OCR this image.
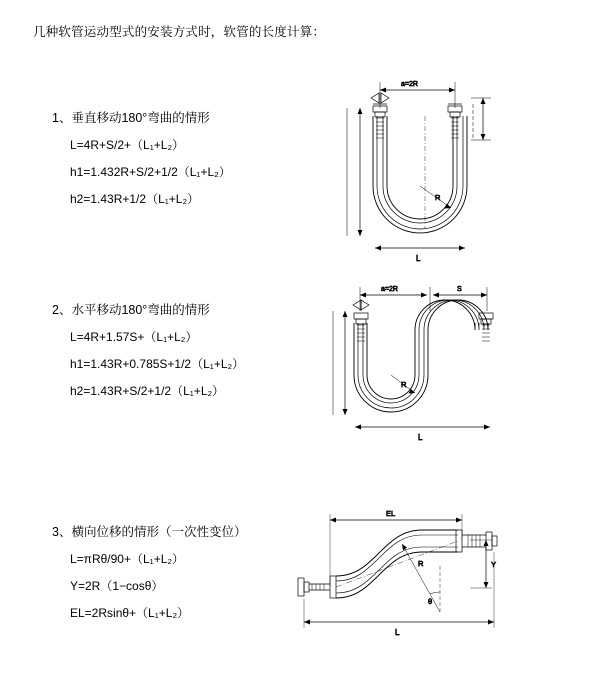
几种软管运动型式的安装方式时，软管的长度计算：
1、垂直移动180°弯曲的情形
L=4R+S/2+（L₁+L₂）
h1=1.432R+S/2+1/2（L₁+L₂）
h2=1.43R+1/2（L₁+L₂）
a=2R
R
L
2、水平移动180°弯曲的情形
L=4R+1.57S+（L₁+L₂）
h1=1.43R+0.785S+1/2（L₁+L₂）
h2=1.43R+S/2+1/2（L₁+L₂）
a=2R	S
R
L
3、横向位移的情形（一次性变位）
L=πRθ/90+（L₁+L₂）
Y=2R（1−cosθ）
EL=2Rsinθ+（L₁+L₂）
EL
Y
θ
R
L
